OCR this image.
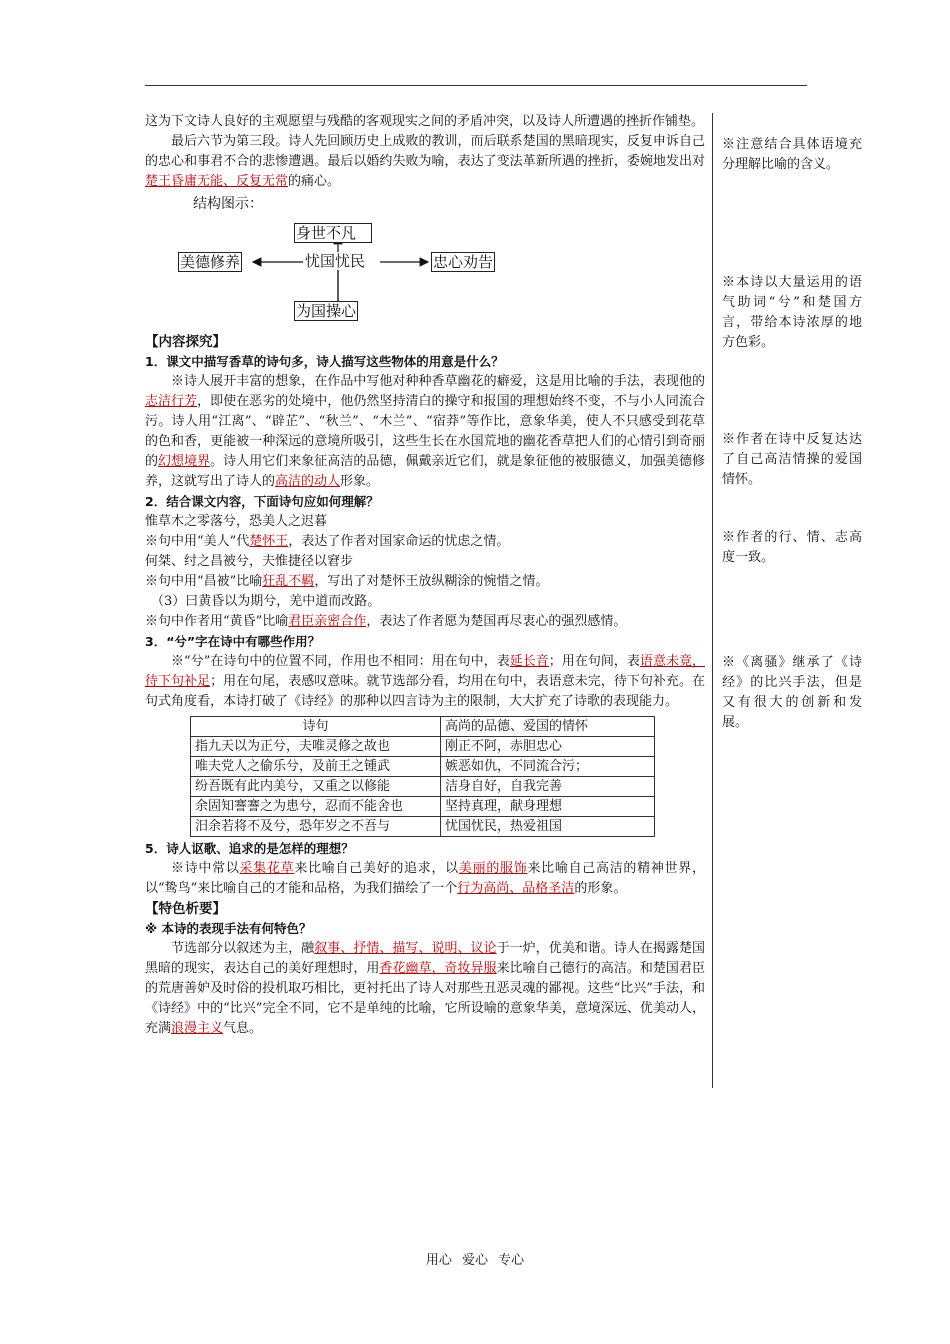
这为下文诗人良好的主观愿望与残酷的客观现实之间的矛盾冲突，以及诗人所遭遇的挫折作铺垫。

最后六节为第三段。诗人先回顾历史上成败的教训，而后联系楚国的黑暗现实，反复申诉自己的忠心和事君不合的悲惨遭遇。最后以婚约失败为喻，表达了变法革新所遇的挫折，委婉地发出对楚王昏庸无能、反复无常的痛心。

结构图示：
身世不凡
忧国忧民
美德修养	忠心劝告
为国操心

【内容探究】

1．课文中描写香草的诗句多，诗人描写这些物体的用意是什么？

※诗人展开丰富的想象，在作品中写他对种种香草幽花的癖爱，这是用比喻的手法，表现他的志洁行芳，即使在恶劣的处境中，他仍然坚持清白的操守和报国的理想始终不变，不与小人同流合污。诗人用“江离”、“辟芷”、“秋兰”、“木兰”、“宿莽”等作比，意象华美，使人不只感受到花草的色和香，更能被一种深远的意境所吸引，这些生长在水国荒地的幽花香草把人们的心情引到奇丽的幻想境界。诗人用它们来象征高洁的品德，佩戴亲近它们，就是象征他的被服德义，加强美德修养，这就写出了诗人的高洁的动人形象。

2．结合课文内容，下面诗句应如何理解？

惟草木之零落兮，恐美人之迟暮

※句中用“美人”代楚怀王，表达了作者对国家命运的忧虑之情。

何桀、纣之昌被兮，夫惟捷径以窘步

※句中用“昌被”比喻狂乱不羁，写出了对楚怀王放纵糊涂的惋惜之情。

（3）曰黄昏以为期兮，羌中道而改路。

※句中作者用“黄昏”比喻君臣亲密合作，表达了作者愿为楚国再尽衷心的强烈感情。

3．“兮”字在诗中有哪些作用？

※“兮”在诗句中的位置不同，作用也不相同：用在句中，表延长音；用在句间，表语意未竟，待下句补足；用在句尾，表感叹意味。就节选部分看，均用在句中，表语意未完，待下句补充。在句式角度看，本诗打破了《诗经》的那种以四言诗为主的限制，大大扩充了诗歌的表现能力。

诗句	高尚的品德、爱国的情怀
指九天以为正兮，夫唯灵修之故也	刚正不阿，赤胆忠心
唯夫党人之偷乐兮，及前王之锺武	嫉恶如仇，不同流合污；
纷吾既有此内美兮，又重之以修能	洁身自好，自我完善
余固知謇謇之为患兮，忍而不能舍也	坚持真理，献身理想
汨余若将不及兮，恐年岁之不吾与	忧国忧民，热爱祖国

5．诗人讴歌、追求的是怎样的理想？

※诗中常以采集花草来比喻自己美好的追求，以美丽的服饰来比喻自己高洁的精神世界，以“鸷鸟”来比喻自己的才能和品格，为我们描绘了一个行为高尚、品格圣洁的形象。

【特色析要】

※ 本诗的表现手法有何特色？

节选部分以叙述为主，融叙事、抒情、描写、说明、议论于一炉，优美和谐。诗人在揭露楚国黑暗的现实，表达自己的美好理想时，用香花幽草，奇妆异服来比喻自己德行的高洁。和楚国君臣的荒唐善妒及时俗的投机取巧相比，更衬托出了诗人对那些丑恶灵魂的鄙视。这些“比兴”手法，和《诗经》中的“比兴”完全不同，它不是单纯的比喻，它所设喻的意象华美，意境深远、优美动人，充满浪漫主义气息。

※注意结合具体语境充分理解比喻的含义。

※本诗以大量运用的语气助词“兮”和楚国方言，带给本诗浓厚的地方色彩。

※作者在诗中反复达达了自己高洁情操的爱国情怀。

※作者的行、情、志高度一致。

※《离骚》继承了《诗经》的比兴手法，但是又有很大的创新和发展。

用心 爱心 专心
